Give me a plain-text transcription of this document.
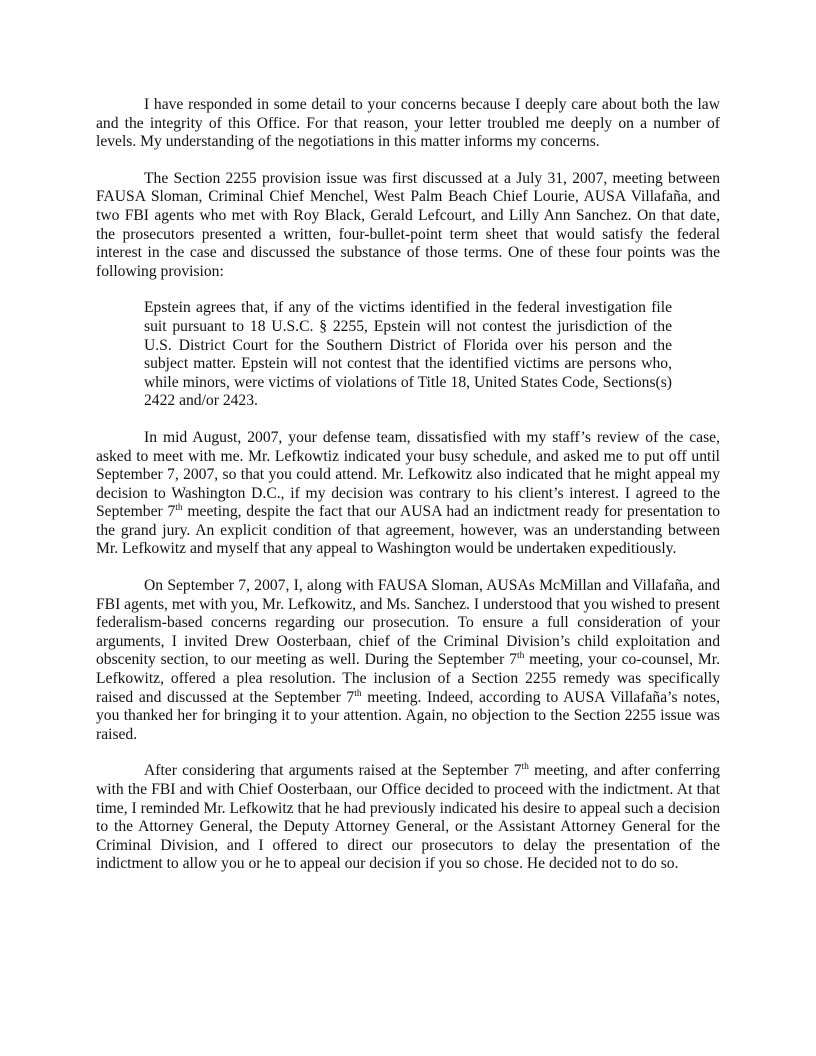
I have responded in some detail to your concerns because I deeply care about both the law and the integrity of this Office. For that reason, your letter troubled me deeply on a number of levels. My understanding of the negotiations in this matter informs my concerns.

The Section 2255 provision issue was first discussed at a July 31, 2007, meeting between FAUSA Sloman, Criminal Chief Menchel, West Palm Beach Chief Lourie, AUSA Villafaña, and two FBI agents who met with Roy Black, Gerald Lefcourt, and Lilly Ann Sanchez. On that date, the prosecutors presented a written, four-bullet-point term sheet that would satisfy the federal interest in the case and discussed the substance of those terms. One of these four points was the following provision:

Epstein agrees that, if any of the victims identified in the federal investigation file suit pursuant to 18 U.S.C. § 2255, Epstein will not contest the jurisdiction of the U.S. District Court for the Southern District of Florida over his person and the subject matter. Epstein will not contest that the identified victims are persons who, while minors, were victims of violations of Title 18, United States Code, Sections(s) 2422 and/or 2423.

In mid August, 2007, your defense team, dissatisfied with my staff’s review of the case, asked to meet with me. Mr. Lefkowtiz indicated your busy schedule, and asked me to put off until September 7, 2007, so that you could attend. Mr. Lefkowitz also indicated that he might appeal my decision to Washington D.C., if my decision was contrary to his client’s interest. I agreed to the September 7th meeting, despite the fact that our AUSA had an indictment ready for presentation to the grand jury. An explicit condition of that agreement, however, was an understanding between Mr. Lefkowitz and myself that any appeal to Washington would be undertaken expeditiously.

On September 7, 2007, I, along with FAUSA Sloman, AUSAs McMillan and Villafaña, and FBI agents, met with you, Mr. Lefkowitz, and Ms. Sanchez. I understood that you wished to present federalism-based concerns regarding our prosecution. To ensure a full consideration of your arguments, I invited Drew Oosterbaan, chief of the Criminal Division’s child exploitation and obscenity section, to our meeting as well. During the September 7th meeting, your co-counsel, Mr. Lefkowitz, offered a plea resolution. The inclusion of a Section 2255 remedy was specifically raised and discussed at the September 7th meeting. Indeed, according to AUSA Villafaña’s notes, you thanked her for bringing it to your attention. Again, no objection to the Section 2255 issue was raised.

After considering that arguments raised at the September 7th meeting, and after conferring with the FBI and with Chief Oosterbaan, our Office decided to proceed with the indictment. At that time, I reminded Mr. Lefkowitz that he had previously indicated his desire to appeal such a decision to the Attorney General, the Deputy Attorney General, or the Assistant Attorney General for the Criminal Division, and I offered to direct our prosecutors to delay the presentation of the indictment to allow you or he to appeal our decision if you so chose. He decided not to do so.
